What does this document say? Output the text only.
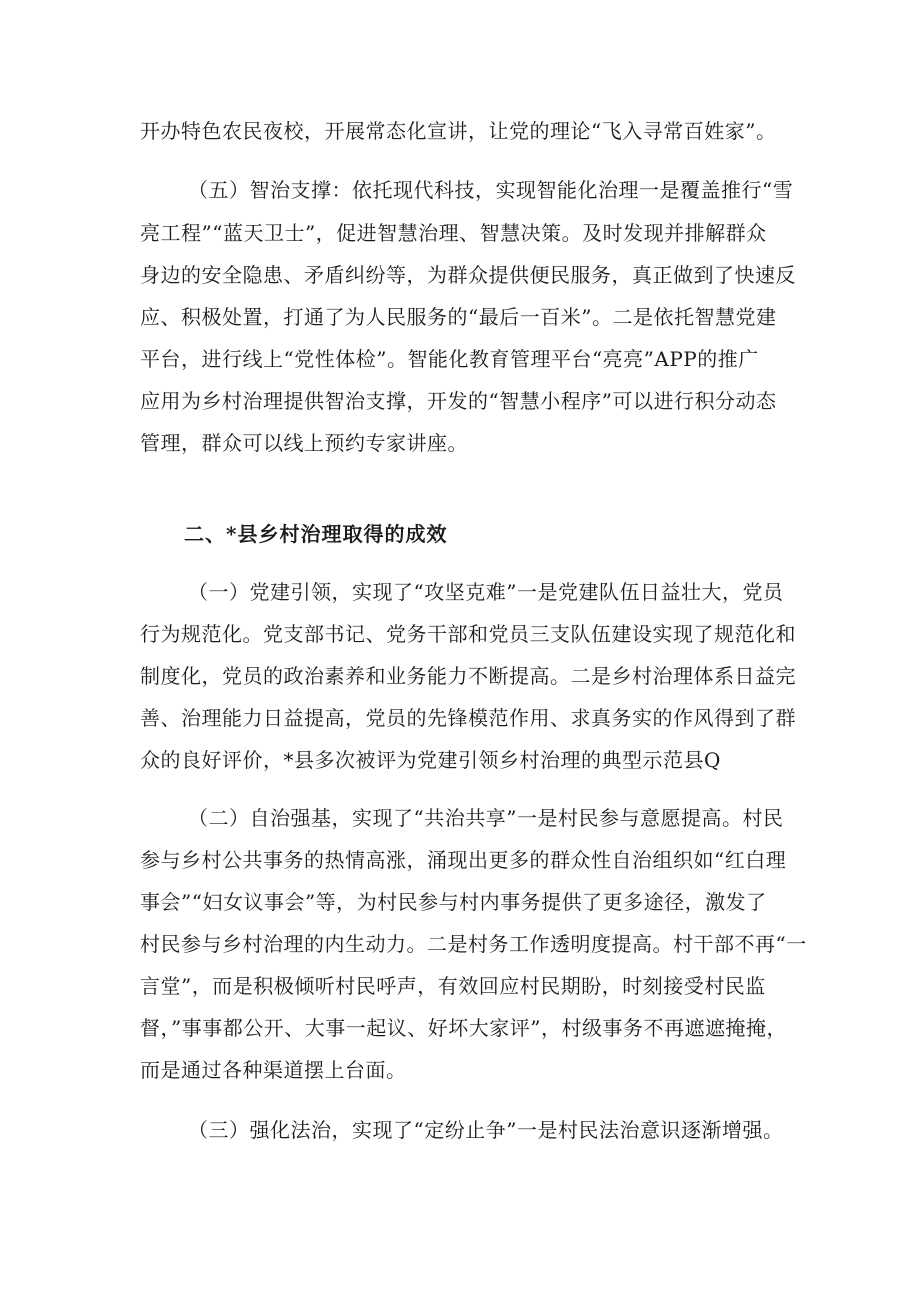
开办特色农民夜校，开展常态化宣讲，让党的理论“飞入寻常百姓家”。
（五）智治支撑：依托现代科技，实现智能化治理一是覆盖推行“雪
亮工程”“蓝天卫士”，促进智慧治理、智慧决策。及时发现并排解群众
身边的安全隐患、矛盾纠纷等，为群众提供便民服务，真正做到了快速反
应、积极处置，打通了为人民服务的“最后一百米”。二是依托智慧党建
平台，进行线上“党性体检”。智能化教育管理平台“亮亮”APP的推广
应用为乡村治理提供智治支撑，开发的“智慧小程序”可以进行积分动态
管理，群众可以线上预约专家讲座。
二、*县乡村治理取得的成效
（一）党建引领，实现了“攻坚克难”一是党建队伍日益壮大，党员
行为规范化。党支部书记、党务干部和党员三支队伍建设实现了规范化和
制度化，党员的政治素养和业务能力不断提高。二是乡村治理体系日益完
善、治理能力日益提高，党员的先锋模范作用、求真务实的作风得到了群
众的良好评价，*县多次被评为党建引领乡村治理的典型示范县Q
（二）自治强基，实现了“共治共享”一是村民参与意愿提高。村民
参与乡村公共事务的热情高涨，涌现出更多的群众性自治组织如“红白理
事会”“妇女议事会”等，为村民参与村内事务提供了更多途径，激发了
村民参与乡村治理的内生动力。二是村务工作透明度提高。村干部不再“一
言堂”，而是积极倾听村民呼声，有效回应村民期盼，时刻接受村民监
督，”事事都公开、大事一起议、好坏大家评”，村级事务不再遮遮掩掩，
而是通过各种渠道摆上台面。
（三）强化法治，实现了“定纷止争”一是村民法治意识逐渐增强。
